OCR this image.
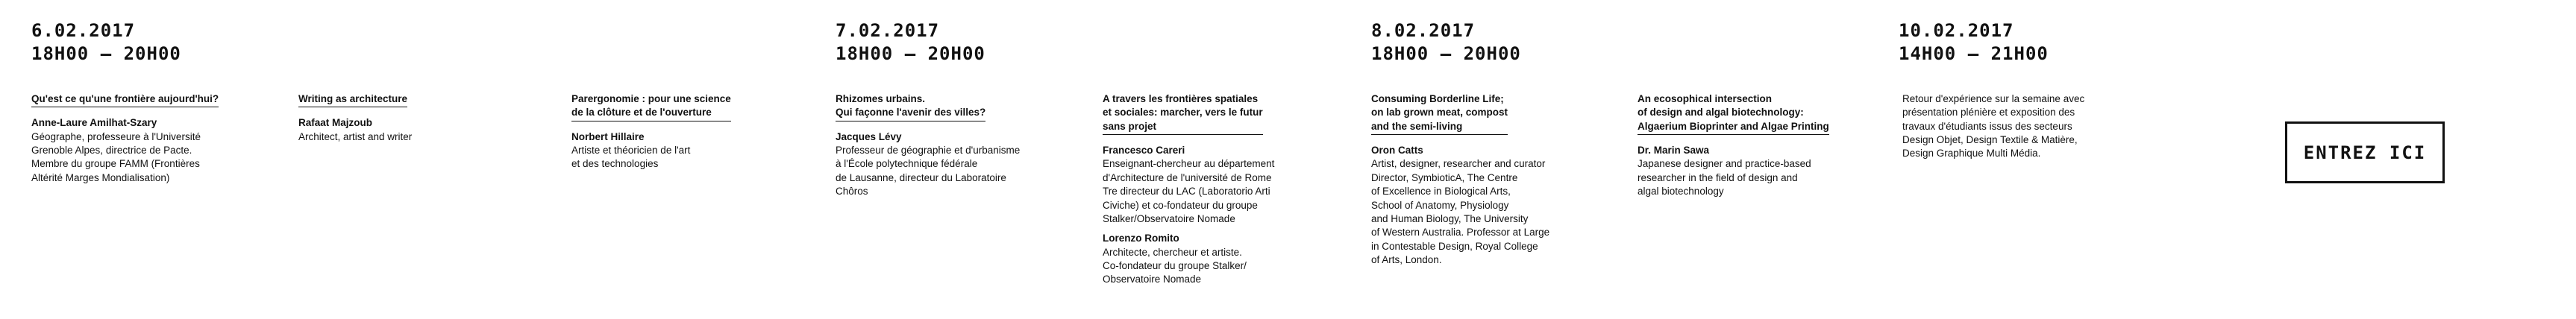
6.02.2017
18H00 – 20H00
7.02.2017
18H00 – 20H00
8.02.2017
18H00 – 20H00
10.02.2017
14H00 – 21H00
Qu'est ce qu'une frontière aujourd'hui?
Anne-Laure Amilhat-Szary
Géographe, professeure à l'Université
Grenoble Alpes, directrice de Pacte.
Membre du groupe FAMM (Frontières
Altérité Marges Mondialisation)
Writing as architecture
Rafaat Majzoub
Architect, artist and writer
Parergonomie : pour une science
de la clôture et de l'ouverture
Norbert Hillaire
Artiste et théoricien de l'art
et des technologies
Rhizomes urbains.
Qui façonne l'avenir des villes?
Jacques Lévy
Professeur de géographie et d'urbanisme
à l'École polytechnique fédérale
de Lausanne, directeur du Laboratoire
Chôros
A travers les frontières spatiales
et sociales: marcher, vers le futur
sans projet
Francesco Careri
Enseignant-chercheur au département
d'Architecture de l'université de Rome
Tre directeur du LAC (Laboratorio Arti
Civiche) et co-fondateur du groupe
Stalker/Observatoire Nomade
Lorenzo Romito
Architecte, chercheur et artiste.
Co-fondateur du groupe Stalker/
Observatoire Nomade
Consuming Borderline Life;
on lab grown meat, compost
and the semi-living
Oron Catts
Artist, designer, researcher and curator
Director, SymbioticA, The Centre
of Excellence in Biological Arts,
School of Anatomy, Physiology
and Human Biology, The University
of Western Australia. Professor at Large
in Contestable Design, Royal College
of Arts, London.
An ecosophical intersection
of design and algal biotechnology:
Algaerium Bioprinter and Algae Printing
Dr. Marin Sawa
Japanese designer and practice-based
researcher in the field of design and
algal biotechnology
Retour d'expérience sur la semaine avec
présentation plénière et exposition des
travaux d'étudiants issus des secteurs
Design Objet, Design Textile & Matière,
Design Graphique Multi Média.	ENTREZ ICI
